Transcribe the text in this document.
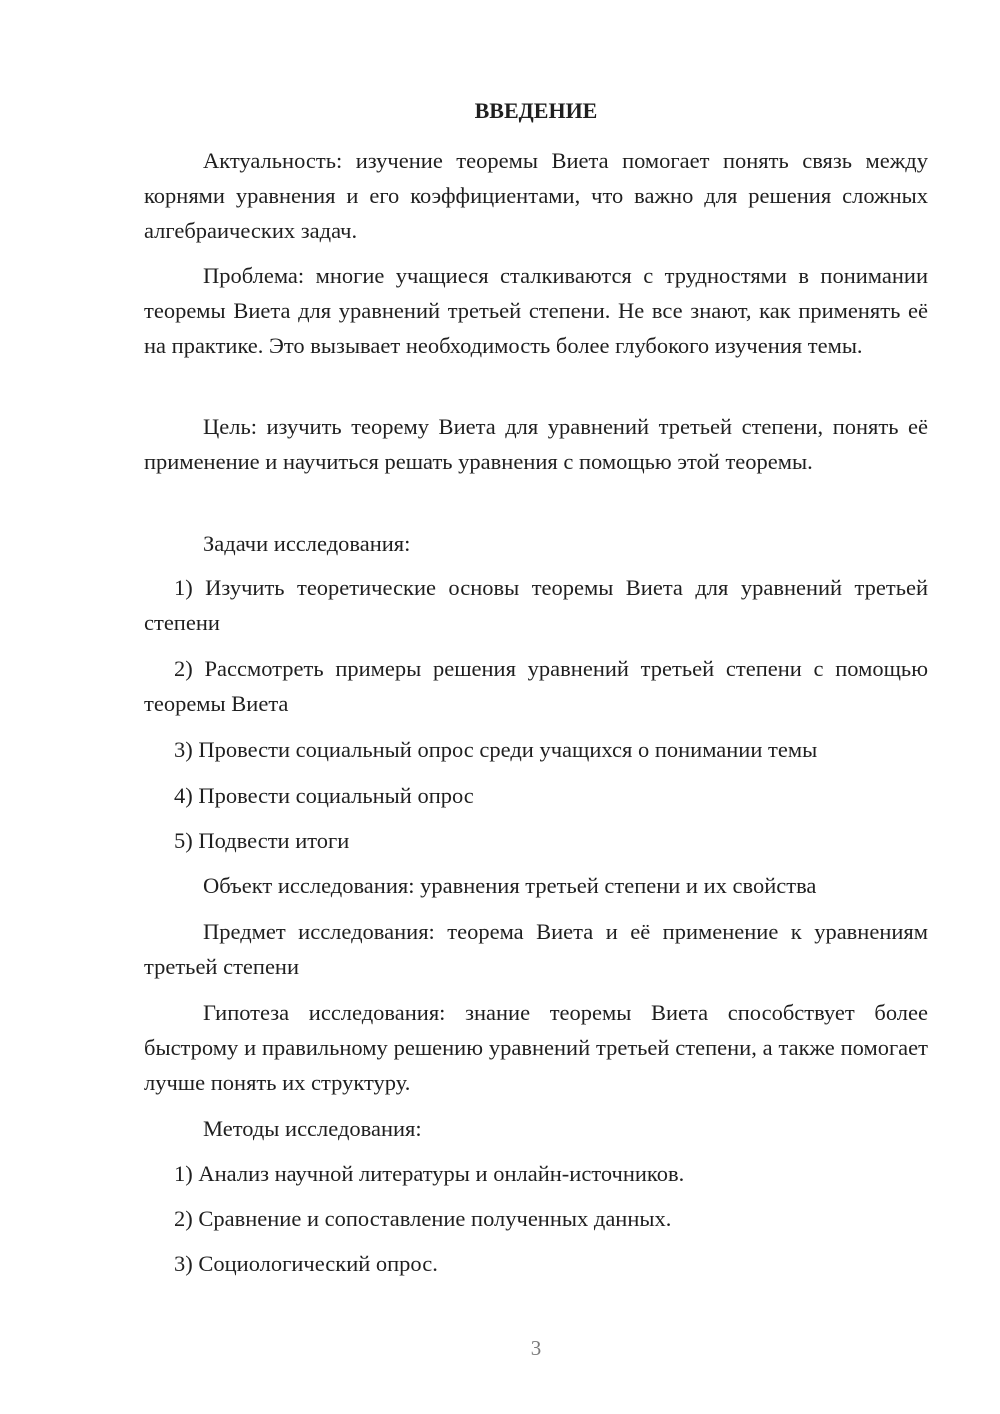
ВВЕДЕНИЕ

Актуальность: изучение теоремы Виета помогает понять связь между корнями уравнения и его коэффициентами, что важно для решения сложных алгебраических задач.

Проблема: многие учащиеся сталкиваются с трудностями в понимании теоремы Виета для уравнений третьей степени. Не все знают, как применять её на практике. Это вызывает необходимость более глубокого изучения темы.

Цель: изучить теорему Виета для уравнений третьей степени, понять её применение и научиться решать уравнения с помощью этой теоремы.

Задачи исследования:

1) Изучить теоретические основы теоремы Виета для уравнений третьей степени

2) Рассмотреть примеры решения уравнений третьей степени с помощью теоремы Виета

3) Провести социальный опрос среди учащихся о понимании темы

4) Провести социальный опрос

5) Подвести итоги

Объект исследования: уравнения третьей степени и их свойства

Предмет исследования: теорема Виета и её применение к уравнениям третьей степени

Гипотеза исследования: знание теоремы Виета способствует более быстрому и правильному решению уравнений третьей степени, а также помогает лучше понять их структуру.

Методы исследования:

1) Анализ научной литературы и онлайн-источников.

2) Сравнение и сопоставление полученных данных.

3) Социологический опрос.

3
